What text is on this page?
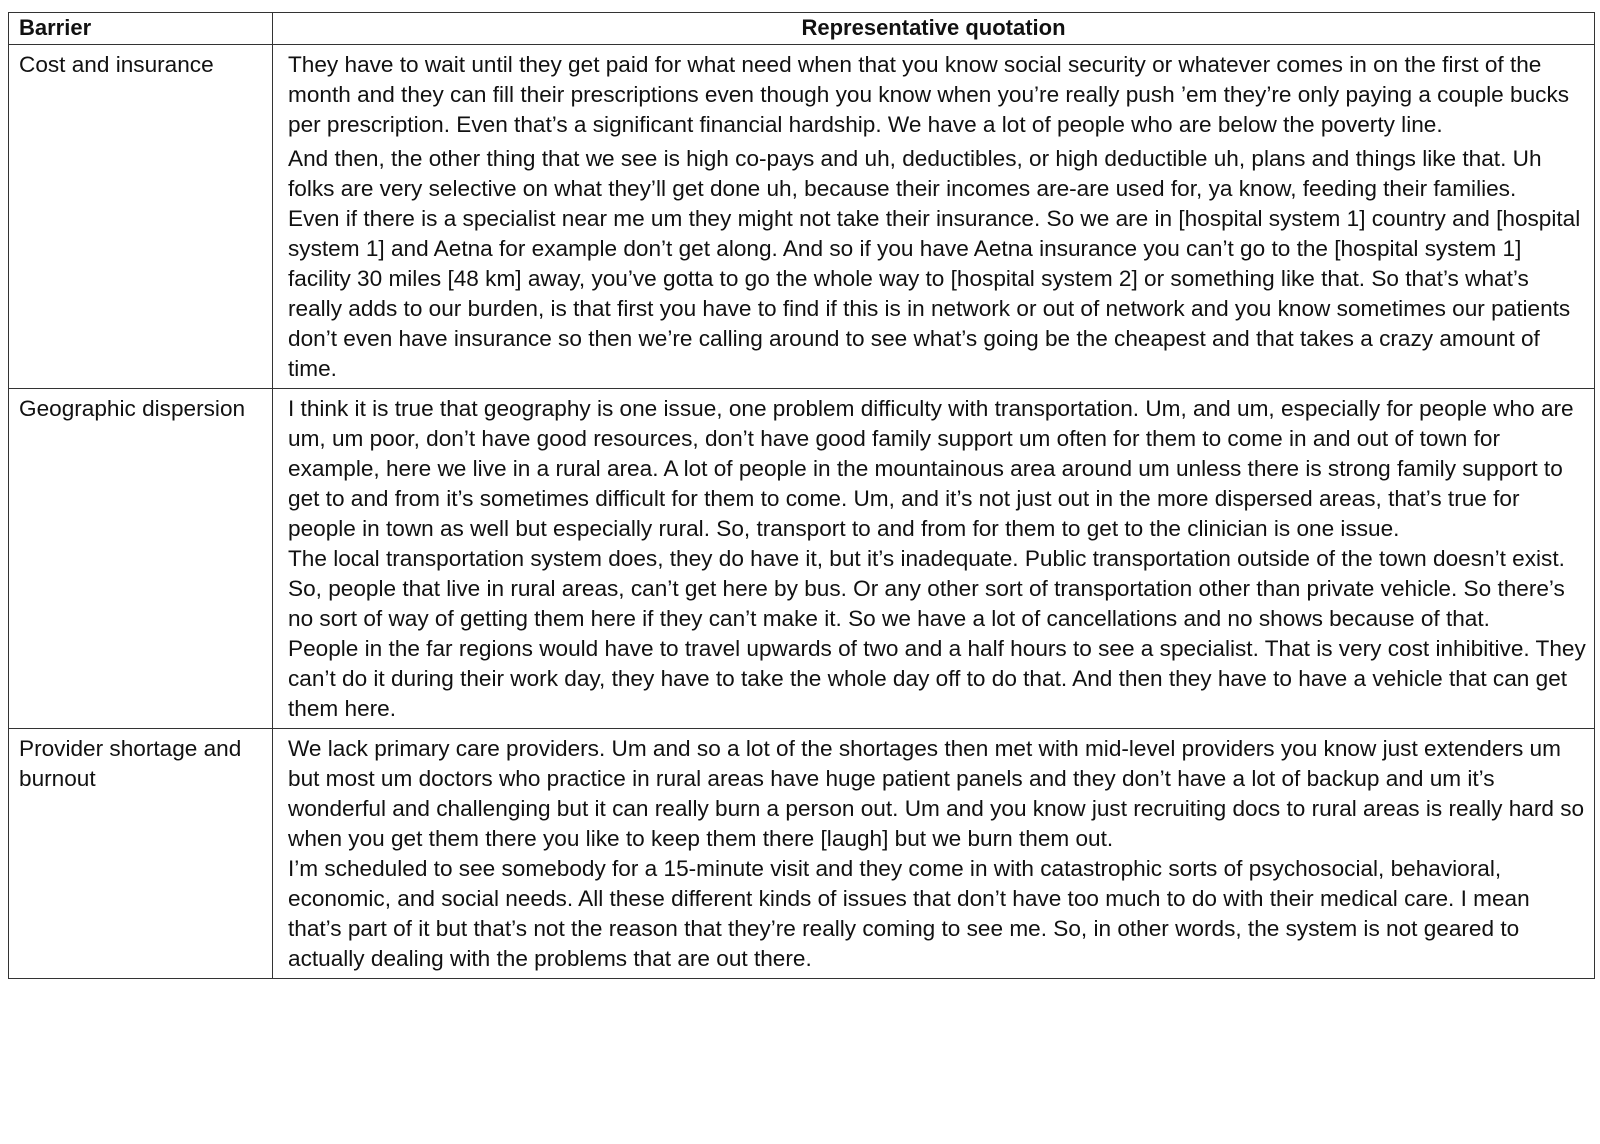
Barrier	Representative quotation
Cost and insurance	They have to wait until they get paid for what need when that you know social security or whatever comes in on the first of the month and they can fill their prescriptions even though you know when you’re really push ’em they’re only paying a couple bucks per prescription. Even that’s a significant financial hardship. We have a lot of people who are below the poverty line.

And then, the other thing that we see is high co-pays and uh, deductibles, or high deductible uh, plans and things like that. Uh folks are very selective on what they’ll get done uh, because their incomes are-are used for, ya know, feeding their families.

Even if there is a specialist near me um they might not take their insurance. So we are in [hospital system 1] country and [hospital system 1] and Aetna for example don’t get along. And so if you have Aetna insurance you can’t go to the [hospital system 1] facility 30 miles [48 km] away, you’ve gotta to go the whole way to [hospital system 2] or something like that. So that’s what’s really adds to our burden, is that first you have to find if this is in network or out of network and you know sometimes our patients don’t even have insurance so then we’re calling around to see what’s going be the cheapest and that takes a crazy amount of time.

Geographic dispersion	I think it is true that geography is one issue, one problem difficulty with transportation. Um, and um, especially for people who are um, um poor, don’t have good resources, don’t have good family support um often for them to come in and out of town for example, here we live in a rural area. A lot of people in the mountainous area around um unless there is strong family support to get to and from it’s sometimes difficult for them to come. Um, and it’s not just out in the more dispersed areas, that’s true for people in town as well but especially rural. So, transport to and from for them to get to the clinician is one issue.

The local transportation system does, they do have it, but it’s inadequate. Public transportation outside of the town doesn’t exist. So, people that live in rural areas, can’t get here by bus. Or any other sort of transportation other than private vehicle. So there’s no sort of way of getting them here if they can’t make it. So we have a lot of cancellations and no shows because of that.

People in the far regions would have to travel upwards of two and a half hours to see a specialist. That is very cost inhibitive. They can’t do it during their work day, they have to take the whole day off to do that. And then they have to have a vehicle that can get them here.

Provider shortage and burnout	We lack primary care providers. Um and so a lot of the shortages then met with mid-level providers you know just extenders um but most um doctors who practice in rural areas have huge patient panels and they don’t have a lot of backup and um it’s wonderful and challenging but it can really burn a person out. Um and you know just recruiting docs to rural areas is really hard so when you get them there you like to keep them there [laugh] but we burn them out.

I’m scheduled to see somebody for a 15-minute visit and they come in with catastrophic sorts of psychosocial, behavioral, economic, and social needs. All these different kinds of issues that don’t have too much to do with their medical care. I mean that’s part of it but that’s not the reason that they’re really coming to see me. So, in other words, the system is not geared to actually dealing with the problems that are out there.
